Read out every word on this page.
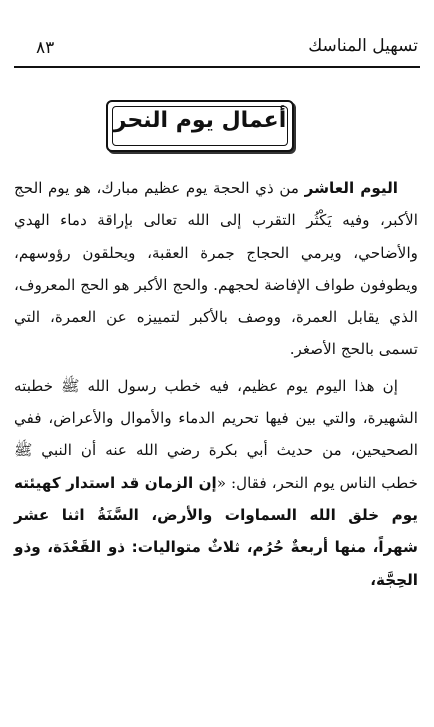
تسهيل المناسك
٨٣
أعمال يوم النحر

اليوم العاشر من ذي الحجة يوم عظيم مبارك، هو يوم الحج الأكبر، وفيه يَكْثُر التقرب إلى الله تعالى بإراقة دماء الهدي والأضاحي، ويرمي الحجاج جمرة العقبة، ويحلقون رؤوسهم، ويطوفون طواف الإفاضة لحجهم. والحج الأكبر هو الحج المعروف، الذي يقابل العمرة، ووصف بالأكبر لتمييزه عن العمرة، التي تسمى بالحج الأصغر.

إن هذا اليوم يوم عظيم، فيه خطب رسول الله ﷺ خطبته الشهيرة، والتي بين فيها تحريم الدماء والأموال والأعراض، ففي الصحيحين، من حديث أبي بكرة رضي الله عنه أن النبي ﷺ خطب الناس يوم النحر، فقال: «إن الزمان قد استدار كهيئته يوم خلق الله السماوات والأرض، السَّنَةُ اثنا عشر شهراً، منها أربعةٌ حُرُم، ثلاثٌ متواليات: ذو القَعْدَة، وذو الحِجَّة،
